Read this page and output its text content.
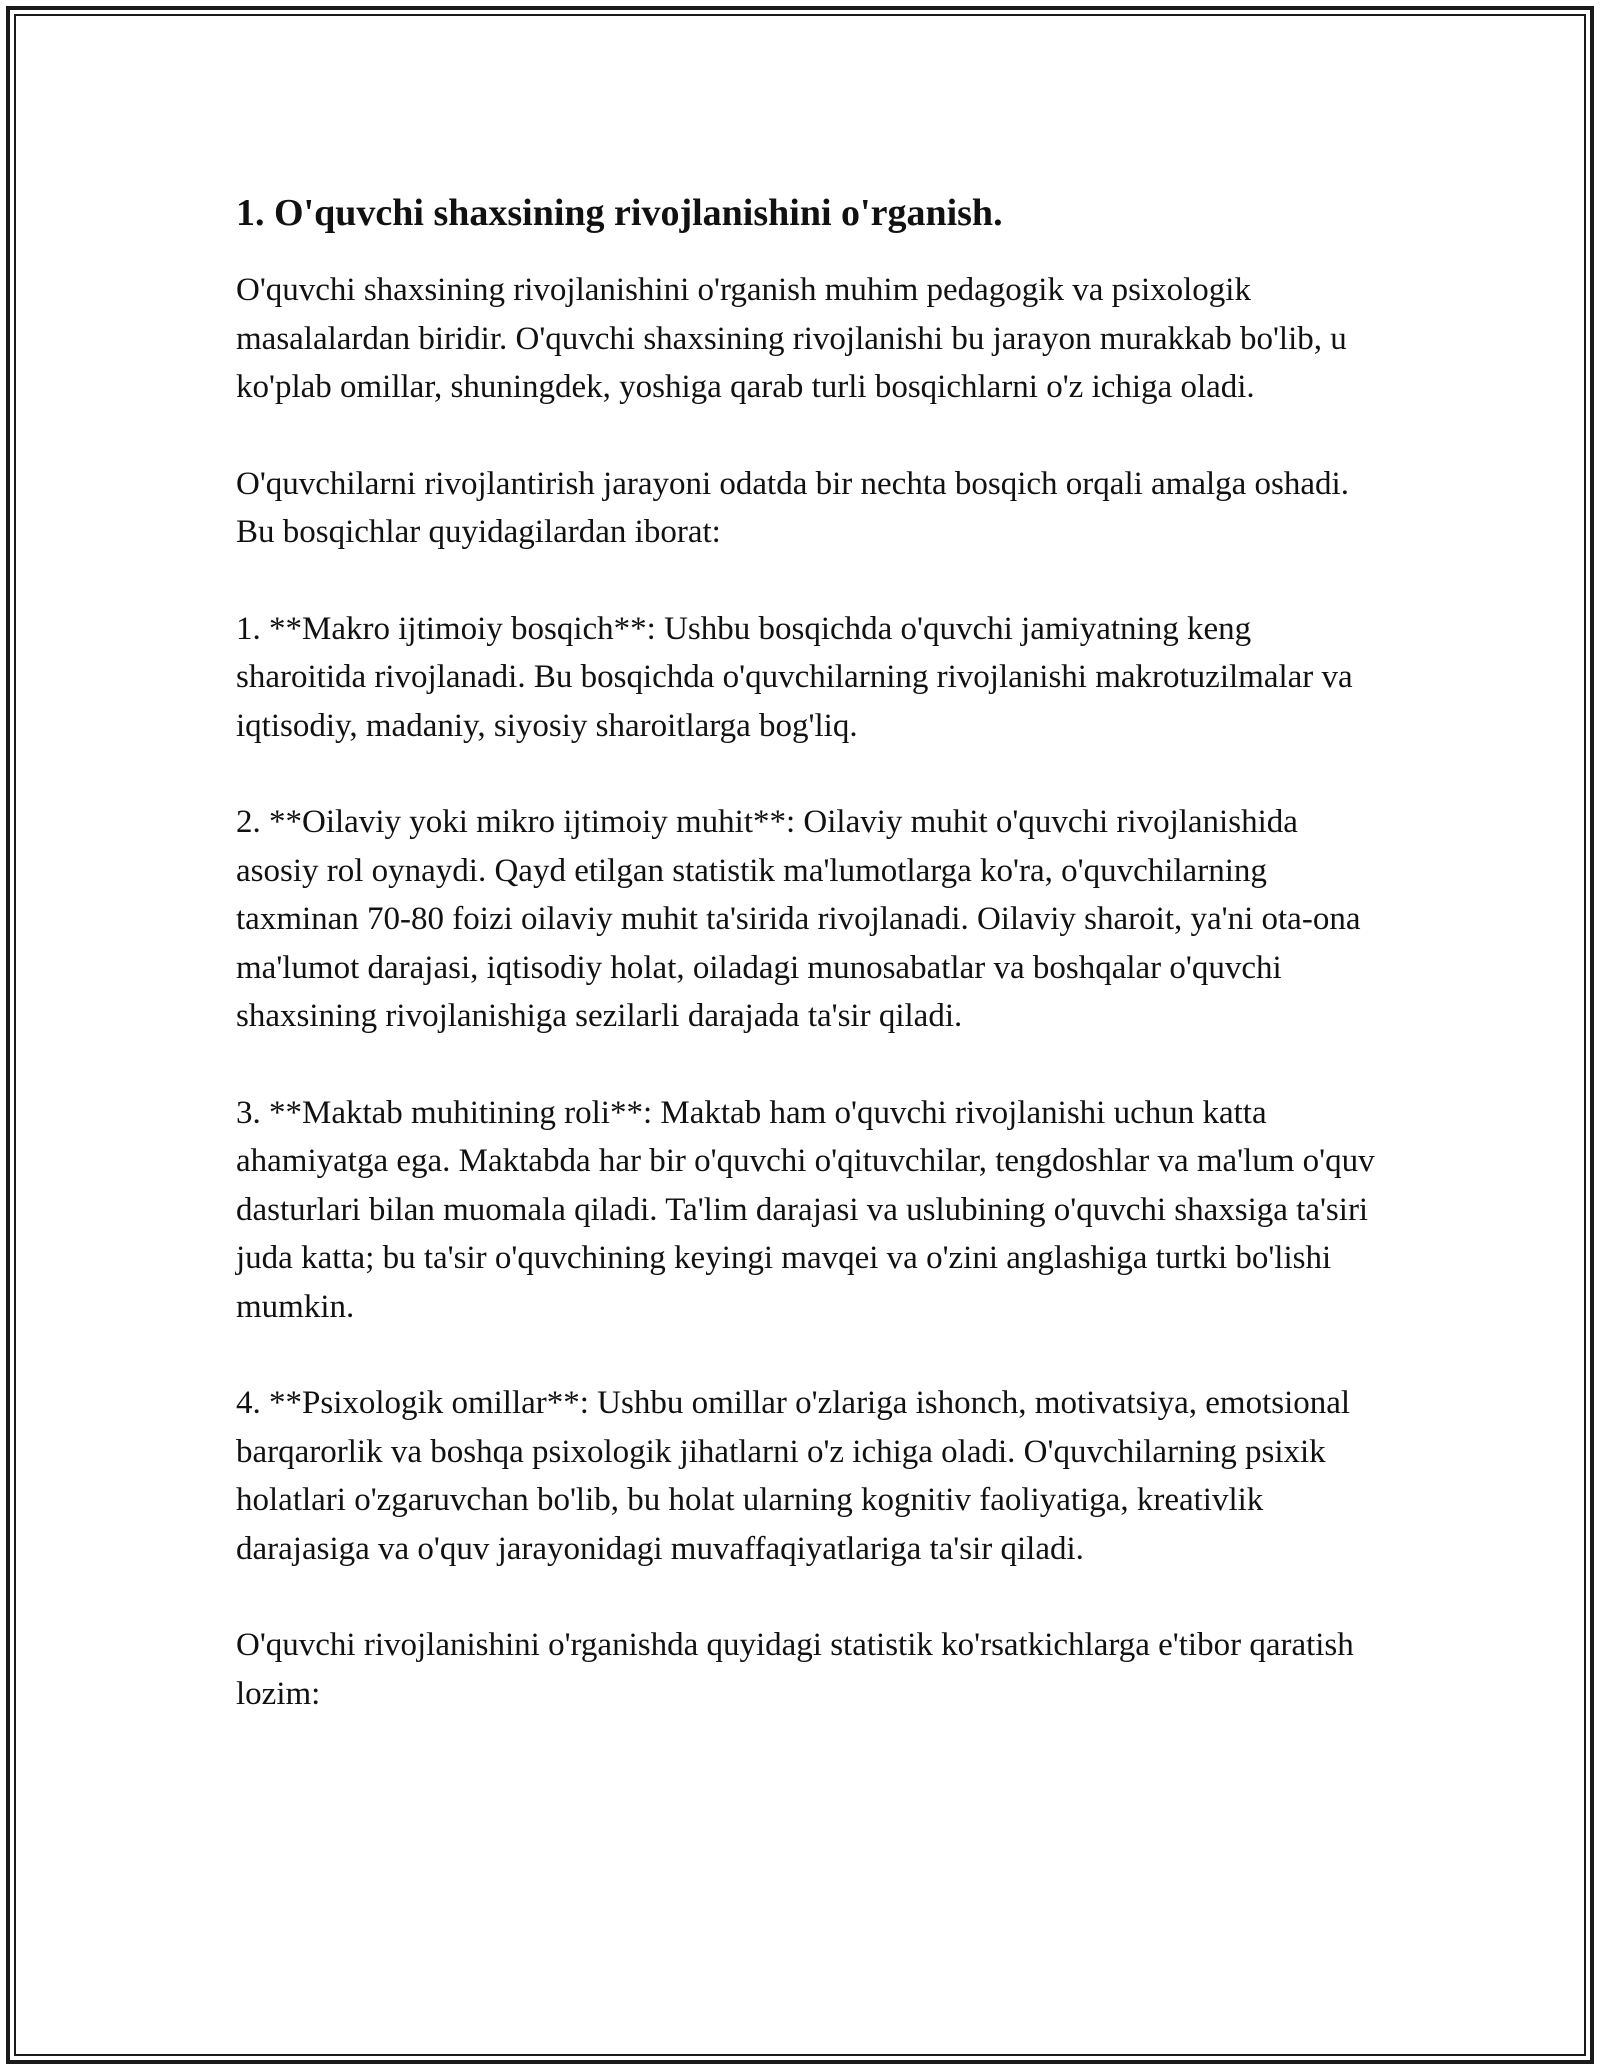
1. O'quvchi shaxsining rivojlanishini o'rganish.

O'quvchi shaxsining rivojlanishini o'rganish muhim pedagogik va psixologik masalalardan biridir. O'quvchi shaxsining rivojlanishi bu jarayon murakkab bo'lib, u ko'plab omillar, shuningdek, yoshiga qarab turli bosqichlarni o'z ichiga oladi.

O'quvchilarni rivojlantirish jarayoni odatda bir nechta bosqich orqali amalga oshadi. Bu bosqichlar quyidagilardan iborat:

1. **Makro ijtimoiy bosqich**: Ushbu bosqichda o'quvchi jamiyatning keng sharoitida rivojlanadi. Bu bosqichda o'quvchilarning rivojlanishi makrotuzilmalar va iqtisodiy, madaniy, siyosiy sharoitlarga bog'liq.

2. **Oilaviy yoki mikro ijtimoiy muhit**: Oilaviy muhit o'quvchi rivojlanishida asosiy rol oynaydi. Qayd etilgan statistik ma'lumotlarga ko'ra, o'quvchilarning taxminan 70-80 foizi oilaviy muhit ta'sirida rivojlanadi. Oilaviy sharoit, ya'ni ota-ona ma'lumot darajasi, iqtisodiy holat, oiladagi munosabatlar va boshqalar o'quvchi shaxsining rivojlanishiga sezilarli darajada ta'sir qiladi.

3. **Maktab muhitining roli**: Maktab ham o'quvchi rivojlanishi uchun katta ahamiyatga ega. Maktabda har bir o'quvchi o'qituvchilar, tengdoshlar va ma'lum o'quv dasturlari bilan muomala qiladi. Ta'lim darajasi va uslubining o'quvchi shaxsiga ta'siri juda katta; bu ta'sir o'quvchining keyingi mavqei va o'zini anglashiga turtki bo'lishi mumkin.

4. **Psixologik omillar**: Ushbu omillar o'zlariga ishonch, motivatsiya, emotsional barqarorlik va boshqa psixologik jihatlarni o'z ichiga oladi. O'quvchilarning psixik holatlari o'zgaruvchan bo'lib, bu holat ularning kognitiv faoliyatiga, kreativlik darajasiga va o'quv jarayonidagi muvaffaqiyatlariga ta'sir qiladi.

O'quvchi rivojlanishini o'rganishda quyidagi statistik ko'rsatkichlarga e'tibor qaratish lozim:
